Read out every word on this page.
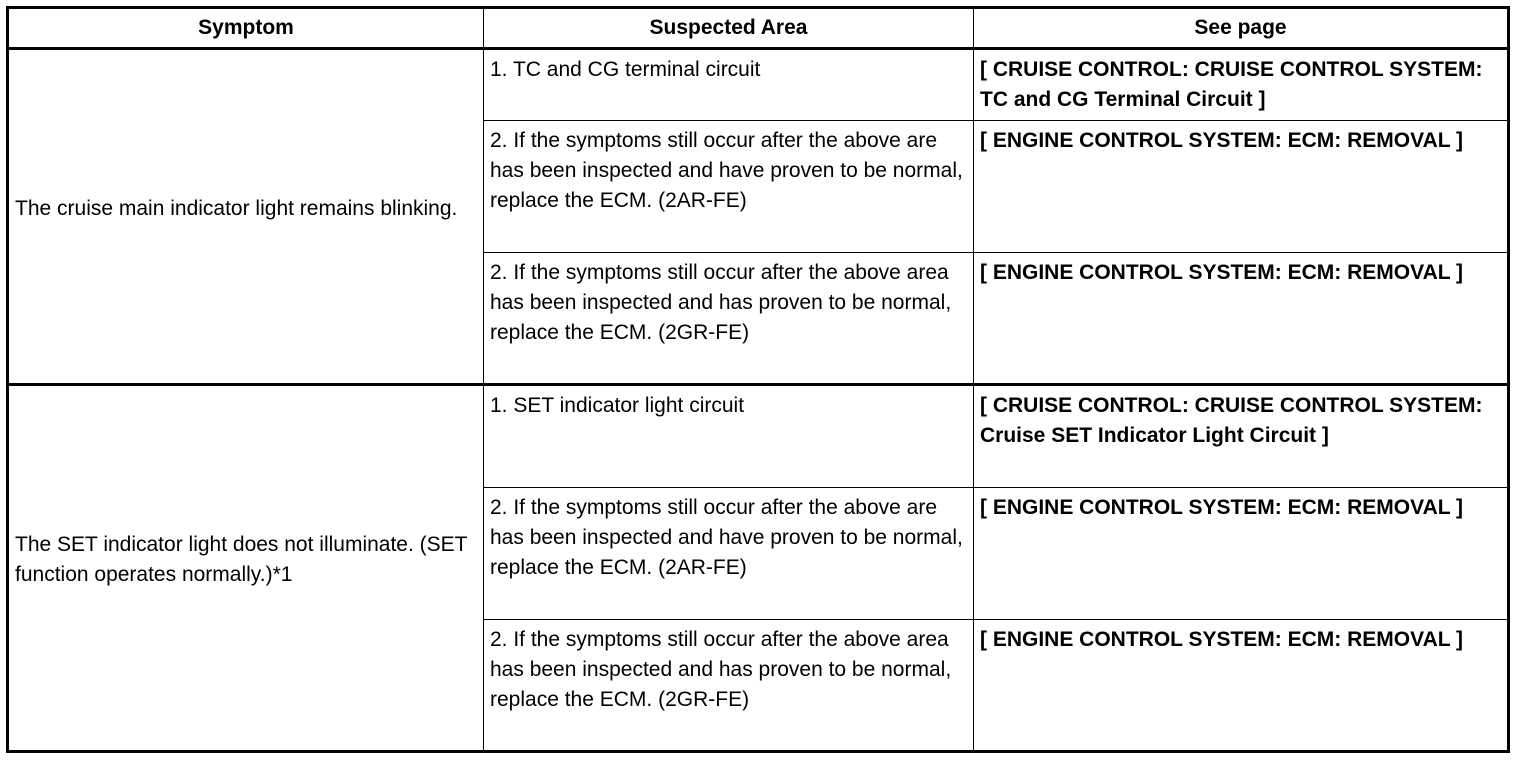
Symptom	Suspected Area	See page
The cruise main indicator light remains blinking.	1. TC and CG terminal circuit	[ CRUISE CONTROL: CRUISE CONTROL SYSTEM: TC and CG Terminal Circuit ]
	2. If the symptoms still occur after the above are has been inspected and have proven to be normal, replace the ECM. (2AR-FE)	[ ENGINE CONTROL SYSTEM: ECM: REMOVAL ]
	2. If the symptoms still occur after the above area has been inspected and has proven to be normal, replace the ECM. (2GR-FE)	[ ENGINE CONTROL SYSTEM: ECM: REMOVAL ]
The SET indicator light does not illuminate. (SET function operates normally.)*1	1. SET indicator light circuit	[ CRUISE CONTROL: CRUISE CONTROL SYSTEM: Cruise SET Indicator Light Circuit ]
	2. If the symptoms still occur after the above are has been inspected and have proven to be normal, replace the ECM. (2AR-FE)	[ ENGINE CONTROL SYSTEM: ECM: REMOVAL ]
	2. If the symptoms still occur after the above area has been inspected and has proven to be normal, replace the ECM. (2GR-FE)	[ ENGINE CONTROL SYSTEM: ECM: REMOVAL ]
